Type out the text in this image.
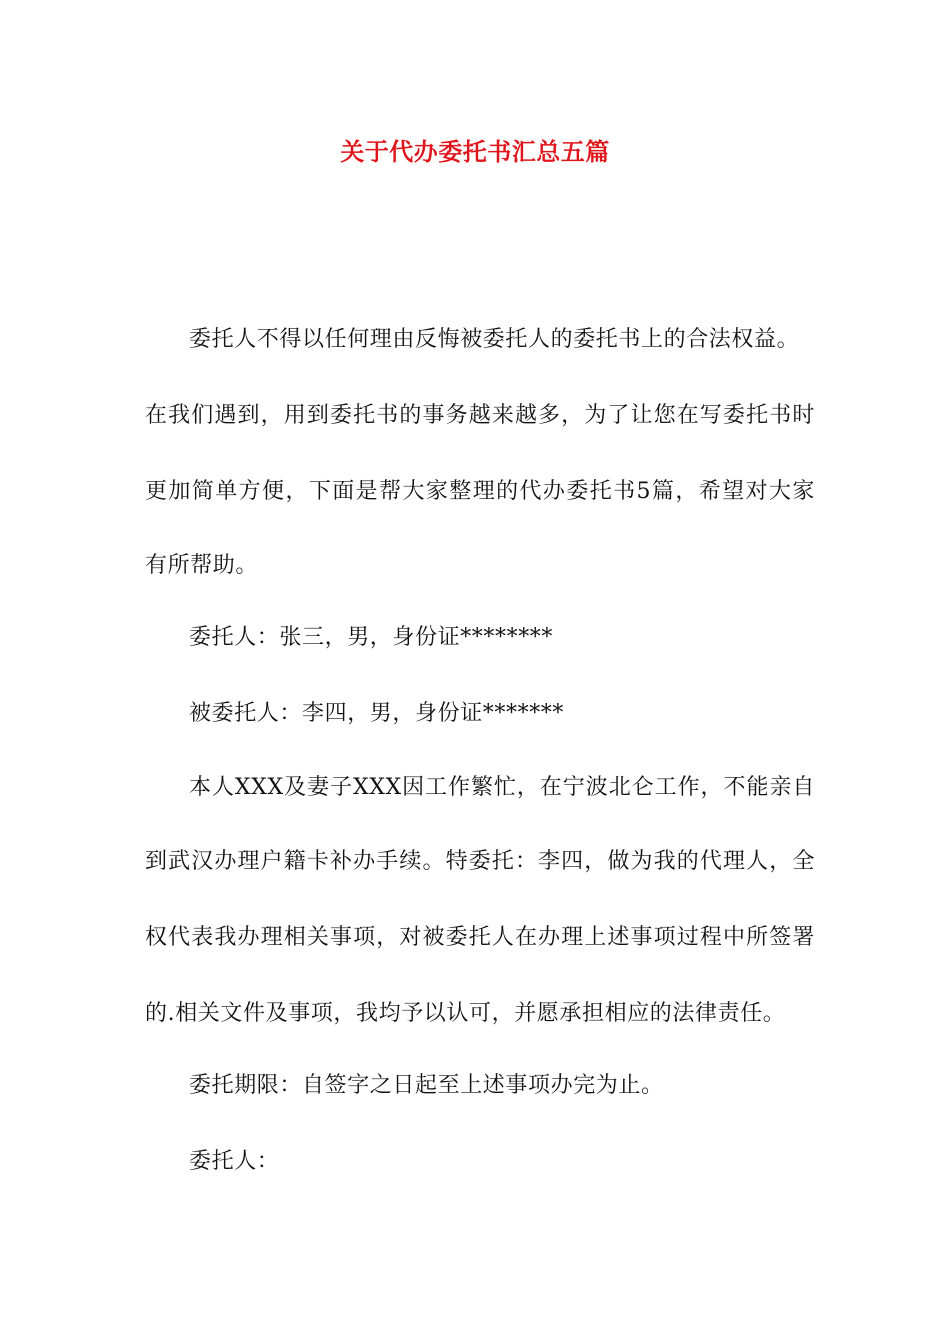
关于代办委托书汇总五篇
委托人不得以任何理由反悔被委托人的委托书上的合法权益。
在我们遇到，用到委托书的事务越来越多，为了让您在写委托书时
更加简单方便，下面是帮大家整理的代办委托书5篇，希望对大家
有所帮助。
委托人：张三，男，身份证********
被委托人：李四，男，身份证*******
本人XXX及妻子XXX因工作繁忙，在宁波北仑工作，不能亲自
到武汉办理户籍卡补办手续。特委托：李四，做为我的代理人，全
权代表我办理相关事项，对被委托人在办理上述事项过程中所签署
的.相关文件及事项，我均予以认可，并愿承担相应的法律责任。
委托期限：自签字之日起至上述事项办完为止。
委托人：
